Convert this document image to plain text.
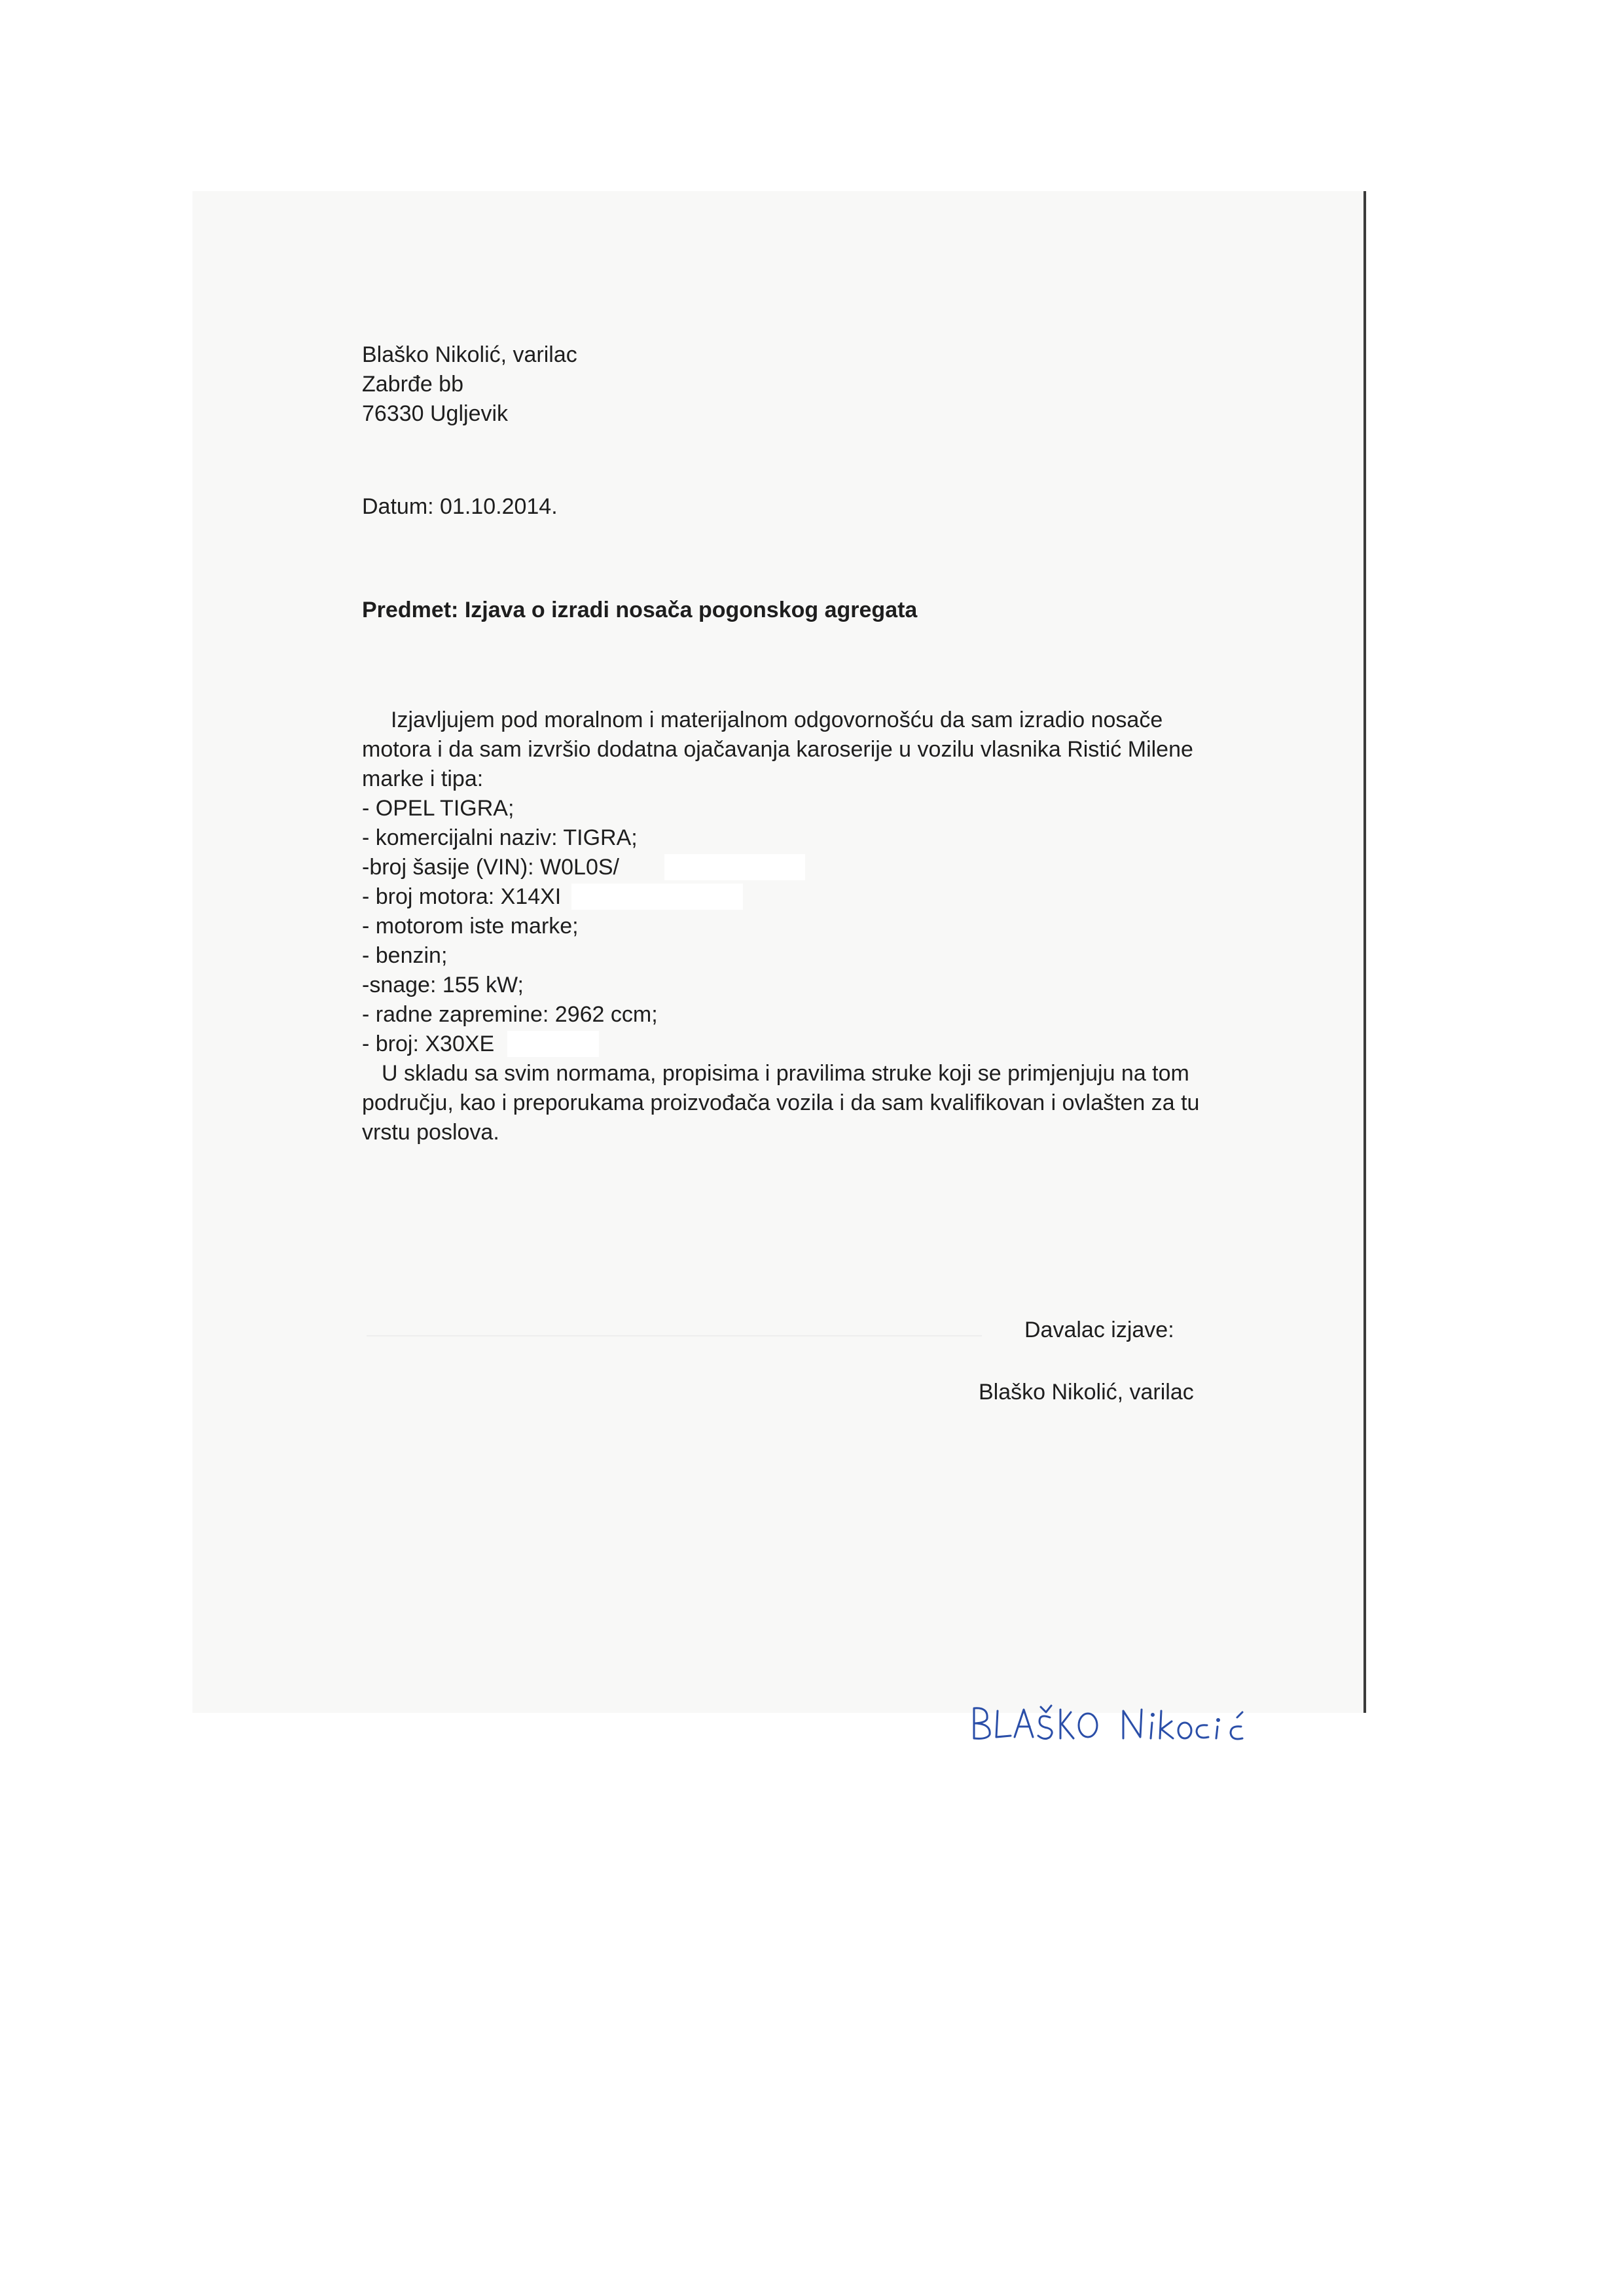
Blaško Nikolić, varilac
Zabrđe bb
76330 Ugljevik
Datum: 01.10.2014.
Predmet: Izjava o izradi nosača pogonskog agregata
Izjavljujem pod moralnom i materijalnom odgovornošću da sam izradio nosače
motora i da sam izvršio dodatna ojačavanja karoserije u vozilu vlasnika Ristić Milene
marke i tipa:
- OPEL TIGRA;
- komercijalni naziv: TIGRA;
-broj šasije (VIN): W0L0S/
- broj motora: X14XI
- motorom iste marke;
- benzin;
-snage: 155 kW;
- radne zapremine: 2962 ccm;
- broj: X30XE
U skladu sa svim normama, propisima i pravilima struke koji se primjenjuju na tom
području, kao i preporukama proizvođača vozila i da sam kvalifikovan i ovlašten za tu
vrstu poslova.
Davalac izjave:
Blaško Nikolić, varilac
